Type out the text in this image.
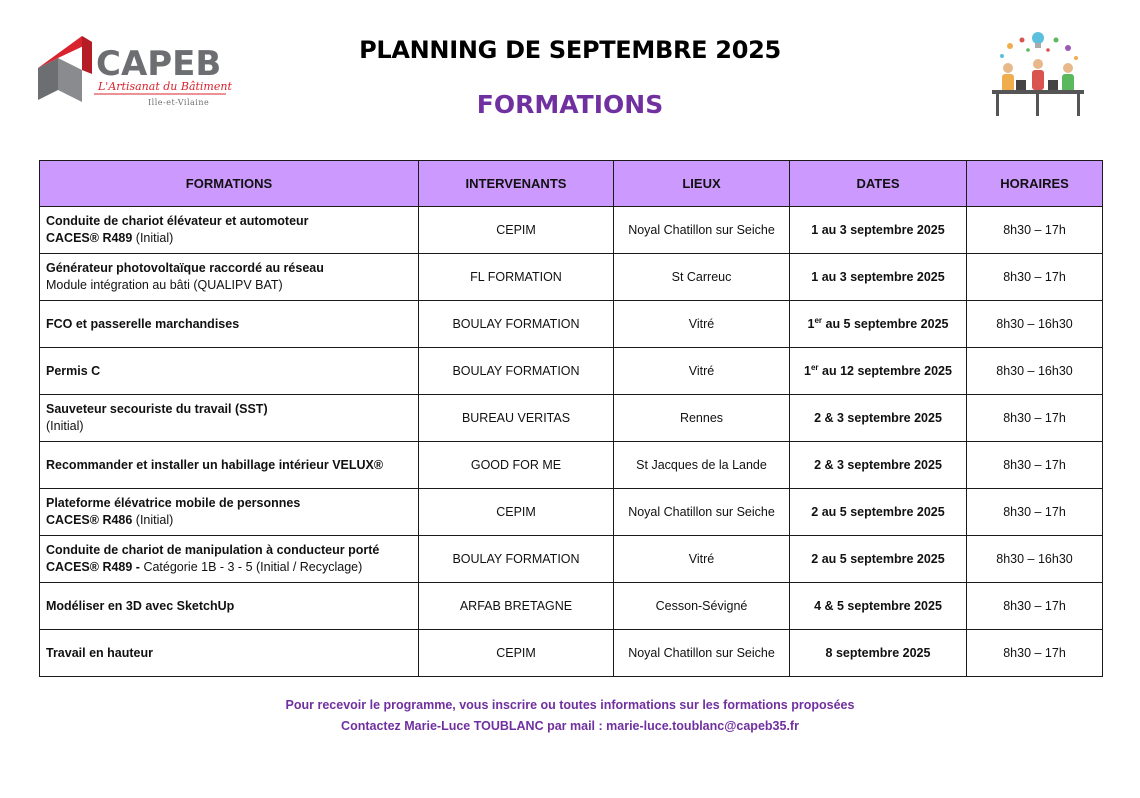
CAPEB
L'Artisanat du Bâtiment
Ille-et-Vilaine
PLANNING DE SEPTEMBRE 2025
FORMATIONS
FORMATIONS	INTERVENANTS	LIEUX	DATES	HORAIRES

Conduite de chariot élévateur et automoteur
CACES® R489 (Initial)	CEPIM	Noyal Chatillon sur Seiche	1 au 3 septembre 2025	8h30 – 17h

Générateur photovoltaïque raccordé au réseau
Module intégration au bâti (QUALIPV BAT)	FL FORMATION	St Carreuc	1 au 3 septembre 2025	8h30 – 17h

FCO et passerelle marchandises	BOULAY FORMATION	Vitré	1er au 5 septembre 2025	8h30 – 16h30

Permis C	BOULAY FORMATION	Vitré	1er au 12 septembre 2025	8h30 – 16h30

Sauveteur secouriste du travail (SST)
(Initial)	BUREAU VERITAS	Rennes	2 & 3 septembre 2025	8h30 – 17h

Recommander et installer un habillage intérieur VELUX®	GOOD FOR ME	St Jacques de la Lande	2 & 3 septembre 2025	8h30 – 17h

Plateforme élévatrice mobile de personnes
CACES® R486 (Initial)	CEPIM	Noyal Chatillon sur Seiche	2 au 5 septembre 2025	8h30 – 17h

Conduite de chariot de manipulation à conducteur porté
CACES® R489 - Catégorie 1B - 3 - 5 (Initial / Recyclage)	BOULAY FORMATION	Vitré	2 au 5 septembre 2025	8h30 – 16h30

Modéliser en 3D avec SketchUp	ARFAB BRETAGNE	Cesson-Sévigné	4 & 5 septembre 2025	8h30 – 17h

Travail en hauteur	CEPIM	Noyal Chatillon sur Seiche	8 septembre 2025	8h30 – 17h
Pour recevoir le programme, vous inscrire ou toutes informations sur les formations proposées
Contactez Marie-Luce TOUBLANC par mail : marie-luce.toublanc@capeb35.fr
